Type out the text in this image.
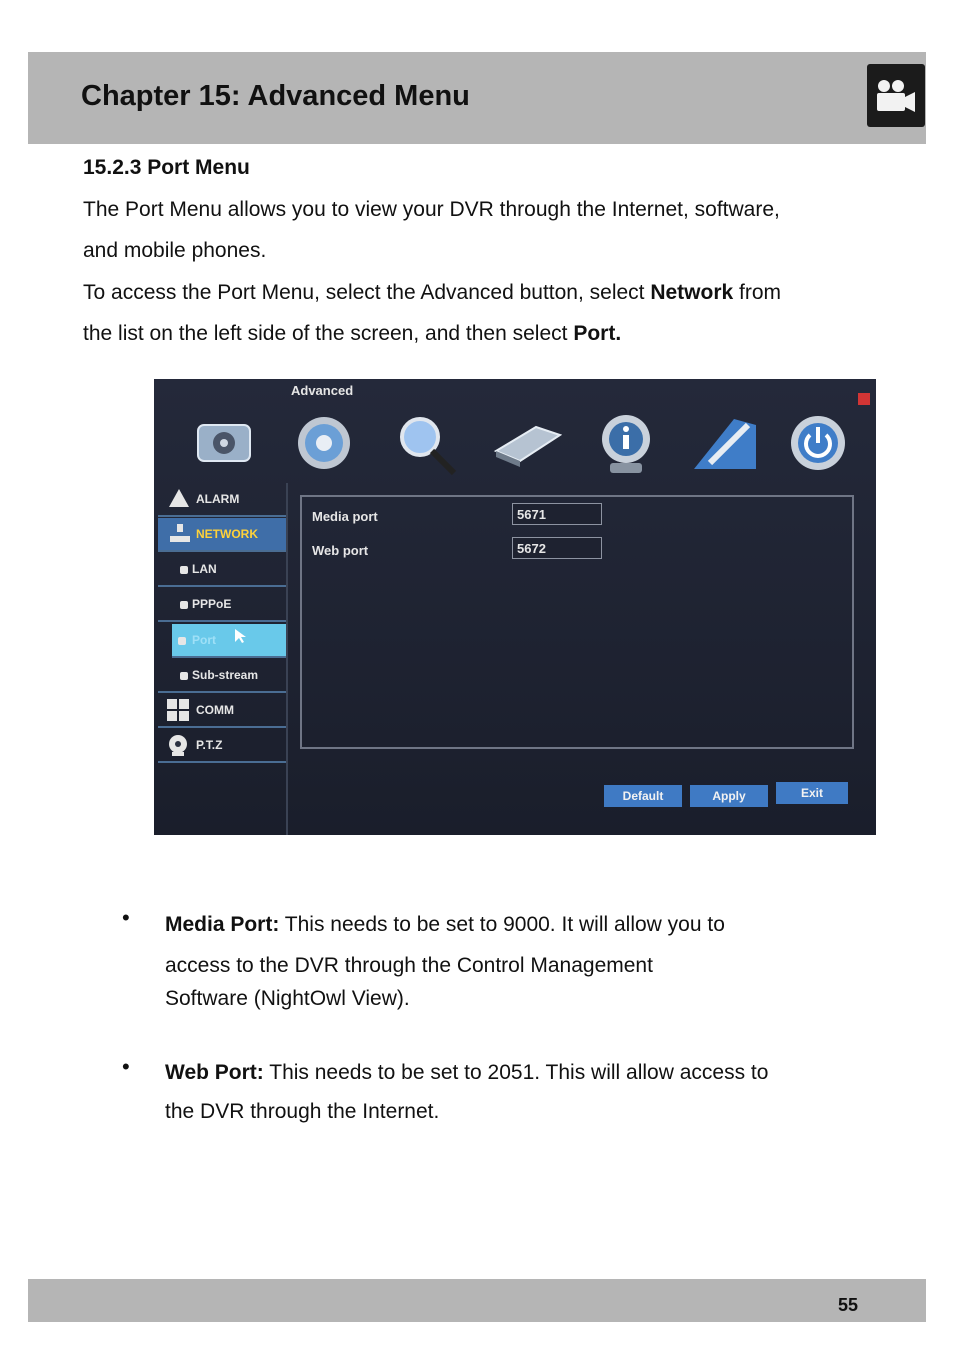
Chapter 15: Advanced Menu
15.2.3 Port Menu
The Port Menu allows you to view your DVR through the Internet, software,
and mobile phones.
To access the Port Menu, select the Advanced button, select Network from
the list on the left side of the screen, and then select Port.
Advanced
ALARM
NETWORK
LAN
PPPoE
Port
Sub-stream
COMM
P.T.Z
Media port	5671
Web port	5672
Default	Apply	Exit
• Media Port: This needs to be set to 9000. It will allow you to
access to the DVR through the Control Management
Software (NightOwl View).
• Web Port: This needs to be set to 2051. This will allow access to
the DVR through the Internet.
55
